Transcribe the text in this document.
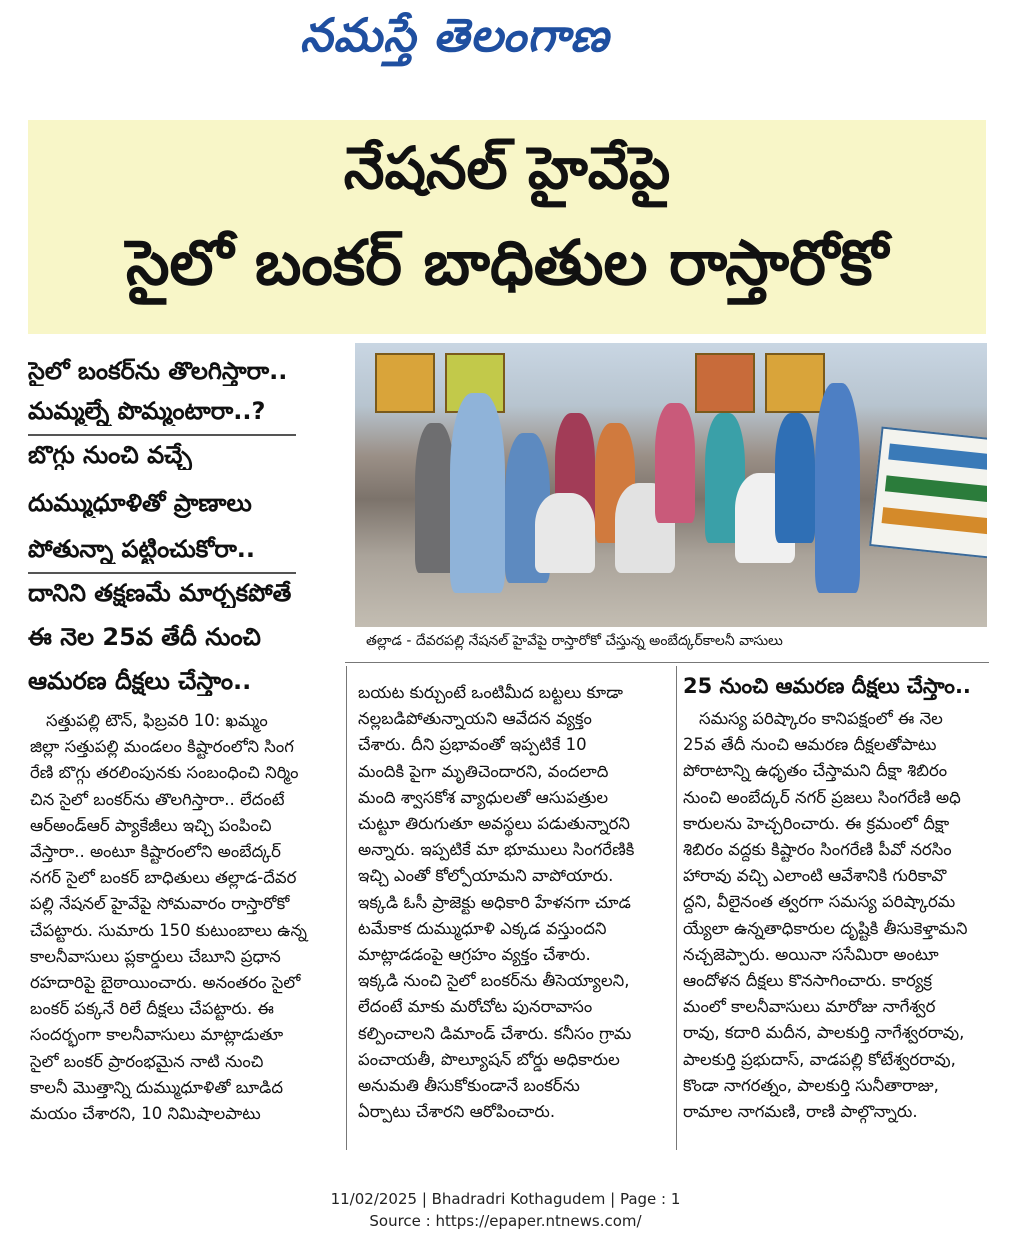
నమస్తే తెలంగాణ
నేషనల్ హైవేపై
సైలో బంకర్ బాధితుల రాస్తారోకో
సైలో బంకర్‌ను తొలగిస్తారా..
మమ్మల్నే పొమ్మంటారా..?
బొగ్గు నుంచి వచ్చే
దుమ్ముధూళితో ప్రాణాలు
పోతున్నా పట్టించుకోరా..
దానిని తక్షణమే మార్చకపోతే
ఈ నెల 25వ తేదీ నుంచి
ఆమరణ దీక్షలు చేస్తాం..
తల్లాడ - దేవరపల్లి నేషనల్ హైవేపై రాస్తారోకో చేస్తున్న అంబేద్కర్‌కాలనీ వాసులు

సత్తుపల్లి టౌన్, ఫిబ్రవరి 10: ఖమ్మం

జిల్లా సత్తుపల్లి మండలం కిష్టారంలోని సింగ

రేణి బొగ్గు తరలింపునకు సంబంధించి నిర్మిం

చిన సైలో బంకర్‌ను తొలగిస్తారా.. లేదంటే

ఆర్‌అండ్‌ఆర్ ప్యాకేజీలు ఇచ్చి పంపించి

వేస్తారా.. అంటూ కిష్టారంలోని అంబేద్కర్

నగర్ సైలో బంకర్ బాధితులు తల్లాడ-దేవర

పల్లి నేషనల్ హైవేపై సోమవారం రాస్తారోకో

చేపట్టారు. సుమారు 150 కుటుంబాలు ఉన్న

కాలనీవాసులు ప్లకార్డులు చేబూని ప్రధాన

రహదారిపై బైఠాయించారు. అనంతరం సైలో

బంకర్ పక్కనే రిలే దీక్షలు చేపట్టారు. ఈ

సందర్భంగా కాలనీవాసులు మాట్లాడుతూ

సైలో బంకర్ ప్రారంభమైన నాటి నుంచి

కాలనీ మొత్తాన్ని దుమ్ముధూళితో బూడిద

మయం చేశారని, 10 నిమిషాలపాటు

బయట కుర్చుంటే ఒంటిమీద బట్టలు కూడా

నల్లబడిపోతున్నాయని ఆవేదన వ్యక్తం

చేశారు. దీని ప్రభావంతో ఇప్పటికే 10

మందికి పైగా మృతిచెందారని, వందలాది

మంది శ్వాసకోశ వ్యాధులతో ఆసుపత్రుల

చుట్టూ తిరుగుతూ అవస్థలు పడుతున్నారని

అన్నారు. ఇప్పటికే మా భూములు సింగరేణికి

ఇచ్చి ఎంతో కోల్పోయామని వాపోయారు.

ఇక్కడి ఓసీ ప్రాజెక్టు అధికారి హేళనగా చూడ

టమేకాక దుమ్ముధూళి ఎక్కడ వస్తుందని

మాట్లాడడంపై ఆగ్రహం వ్యక్తం చేశారు.

ఇక్కడి నుంచి సైలో బంకర్‌ను తీసెయ్యాలని,

లేదంటే మాకు మరోచోట పునరావాసం

కల్పించాలని డిమాండ్ చేశారు. కనీసం గ్రామ

పంచాయతీ, పొల్యూషన్ బోర్డు అధికారుల

అనుమతి తీసుకోకుండానే బంకర్‌ను

ఏర్పాటు చేశారని ఆరోపించారు.

25 నుంచి ఆమరణ దీక్షలు చేస్తాం..

సమస్య పరిష్కారం కానిపక్షంలో ఈ నెల

25వ తేదీ నుంచి ఆమరణ దీక్షలతోపాటు

పోరాటాన్ని ఉధృతం చేస్తామని దీక్షా శిబిరం

నుంచి అంబేద్కర్ నగర్ ప్రజలు సింగరేణి అధి

కారులను హెచ్చరించారు. ఈ క్రమంలో దీక్షా

శిబిరం వద్దకు కిష్టారం సింగరేణి పీవో నరసిం

హారావు వచ్చి ఎలాంటి ఆవేశానికి గురికావొ

ద్దని, వీలైనంత త్వరగా సమస్య పరిష్కారమ

య్యేలా ఉన్నతాధికారుల దృష్టికి తీసుకెళ్తామని

నచ్చజెప్పారు. అయినా ససేమిరా అంటూ

ఆందోళన దీక్షలు కొనసాగించారు. కార్యక్ర

మంలో కాలనీవాసులు మారోజు నాగేశ్వర

రావు, కదారి మదీన, పాలకుర్తి నాగేశ్వరరావు,

పాలకుర్తి ప్రభుదాస్, వాడపల్లి కోటేశ్వరరావు,

కొండా నాగరత్నం, పాలకుర్తి సునీతారాజు,

రామాల నాగమణి, రాణి పాల్గొన్నారు.

11/02/2025 | Bhadradri Kothagudem | Page : 1
Source : https://epaper.ntnews.com/
